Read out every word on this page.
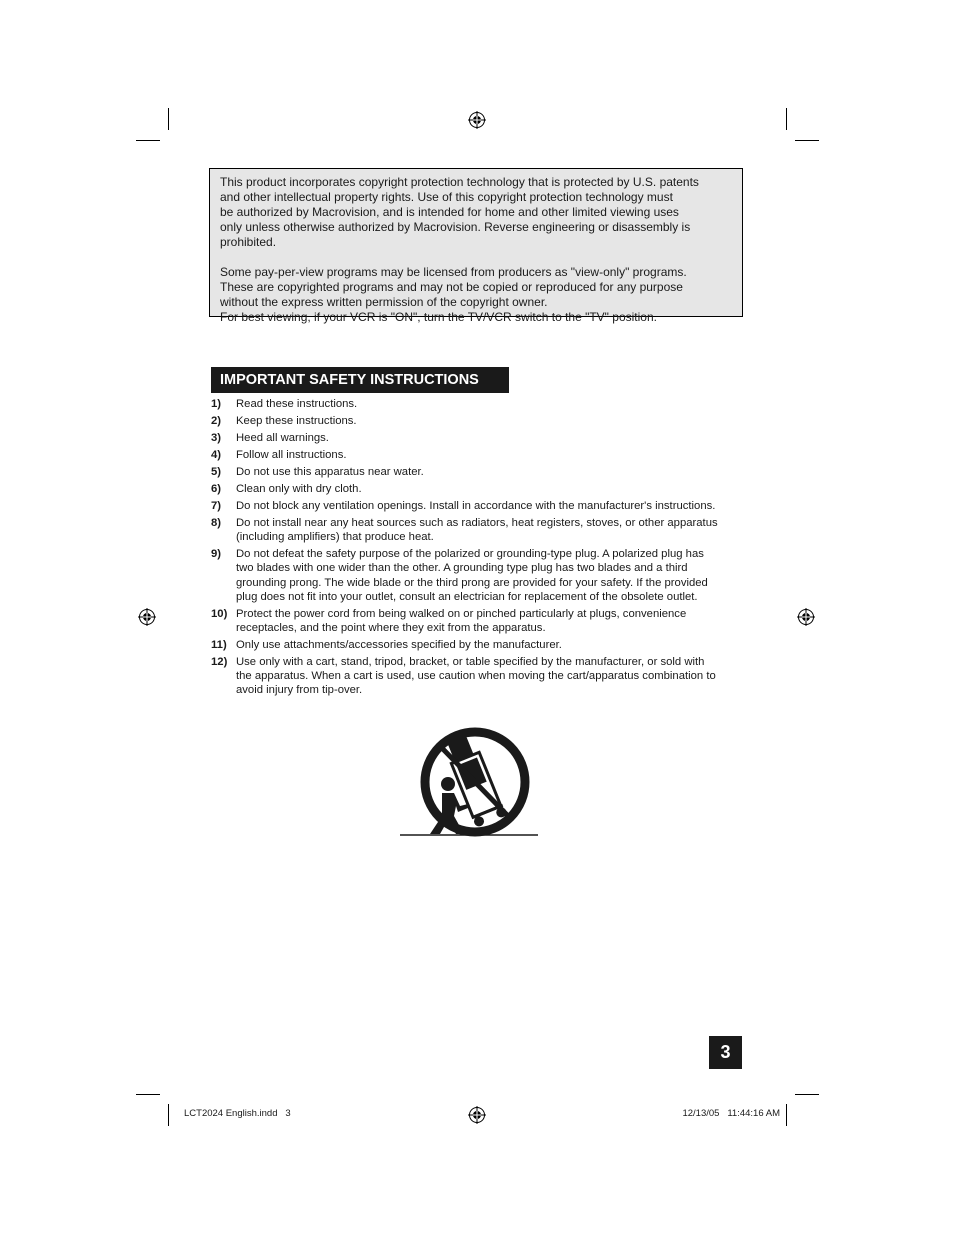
This product incorporates copyright protection technology that is protected by U.S. patents
and other intellectual property rights. Use of this copyright protection technology must
be authorized by Macrovision, and is intended for home and other limited viewing uses
only unless otherwise authorized by Macrovision. Reverse engineering or disassembly is
prohibited.

Some pay-per-view programs may be licensed from producers as "view-only" programs.
These are copyrighted programs and may not be copied or reproduced for any purpose
without the express written permission of the copyright owner.
For best viewing, if your VCR is "ON", turn the TV/VCR switch to the "TV" position.

IMPORTANT SAFETY INSTRUCTIONS
1) Read these instructions.
2) Keep these instructions.
3) Heed all warnings.
4) Follow all instructions.
5) Do not use this apparatus near water.
6) Clean only with dry cloth.
7) Do not block any ventilation openings. Install in accordance with the manufacturer's instructions.
8) Do not install near any heat sources such as radiators, heat registers, stoves, or other apparatus
(including amplifiers) that produce heat.
9) Do not defeat the safety purpose of the polarized or grounding-type plug. A polarized plug has
two blades with one wider than the other. A grounding type plug has two blades and a third
grounding prong. The wide blade or the third prong are provided for your safety. If the provided
plug does not fit into your outlet, consult an electrician for replacement of the obsolete outlet.
10) Protect the power cord from being walked on or pinched particularly at plugs, convenience
receptacles, and the point where they exit from the apparatus.
11) Only use attachments/accessories specified by the manufacturer.
12) Use only with a cart, stand, tripod, bracket, or table specified by the manufacturer, or sold with
the apparatus. When a cart is used, use caution when moving the cart/apparatus combination to
avoid injury from tip-over.
3
LCT2024 English.indd   3	12/13/05   11:44:16 AM
